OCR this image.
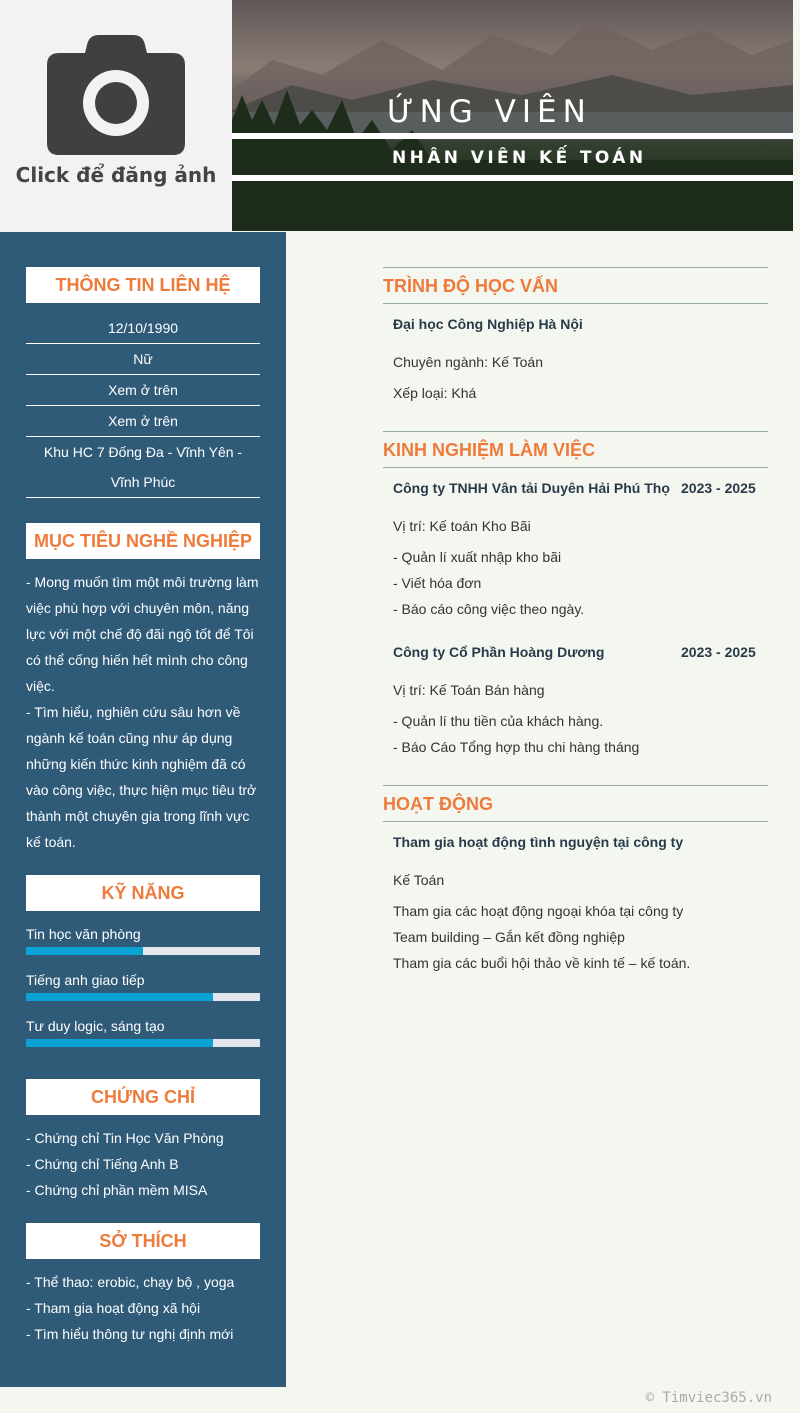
Click để đăng ảnh
ỨNG VIÊN
NHÂN VIÊN KẾ TOÁN
THÔNG TIN LIÊN HỆ
12/10/1990
Nữ
Xem ở trên
Xem ở trên
Khu HC 7 Đống Đa - Vĩnh Yên -
Vĩnh Phúc
MỤC TIÊU NGHỀ NGHIỆP
- Mong muốn tìm một môi trường làm
việc phù hợp với chuyên môn, năng
lực với một chế độ đãi ngộ tốt để Tôi
có thể cống hiến hết mình cho công
việc.
- Tìm hiểu, nghiên cứu sâu hơn về
ngành kế toán cũng như áp dụng
những kiến thức kinh nghiệm đã có
vào công việc, thực hiện mục tiêu trở
thành một chuyên gia trong lĩnh vực
kế toán.
KỸ NĂNG
Tin học văn phòng
Tiếng anh giao tiếp
Tư duy logic, sáng tạo
CHỨNG CHỈ
- Chứng chỉ Tin Học Văn Phòng
- Chứng chỉ Tiếng Anh B
- Chứng chỉ phần mềm MISA
SỞ THÍCH
- Thể thao: erobic, chạy bộ , yoga
- Tham gia hoạt động xã hội
- Tìm hiểu thông tư nghị định mới
TRÌNH ĐỘ HỌC VẤN
Đại học Công Nghiệp Hà Nội
Chuyên ngành: Kế Toán
Xếp loại: Khá
KINH NGHIỆM LÀM VIỆC
Công ty TNHH Vân tải Duyên Hải Phú Thọ 2023 - 2025
Vị trí: Kế toán Kho Bãi
- Quản lí xuất nhập kho bãi
- Viết hóa đơn
- Báo cáo công việc theo ngày.
Công ty Cổ Phần Hoàng Dương	2023 - 2025
Vị trí: Kế Toán Bán hàng
- Quản lí thu tiền của khách hàng.
- Báo Cáo Tổng hợp thu chi hàng tháng
HOẠT ĐỘNG
Tham gia hoạt động tình nguyện tại công ty
Kế Toán
Tham gia các hoạt động ngoại khóa tại công ty
Team building – Gắn kết đồng nghiệp
Tham gia các buổi hội thảo về kinh tế – kế toán.
© Timviec365.vn
